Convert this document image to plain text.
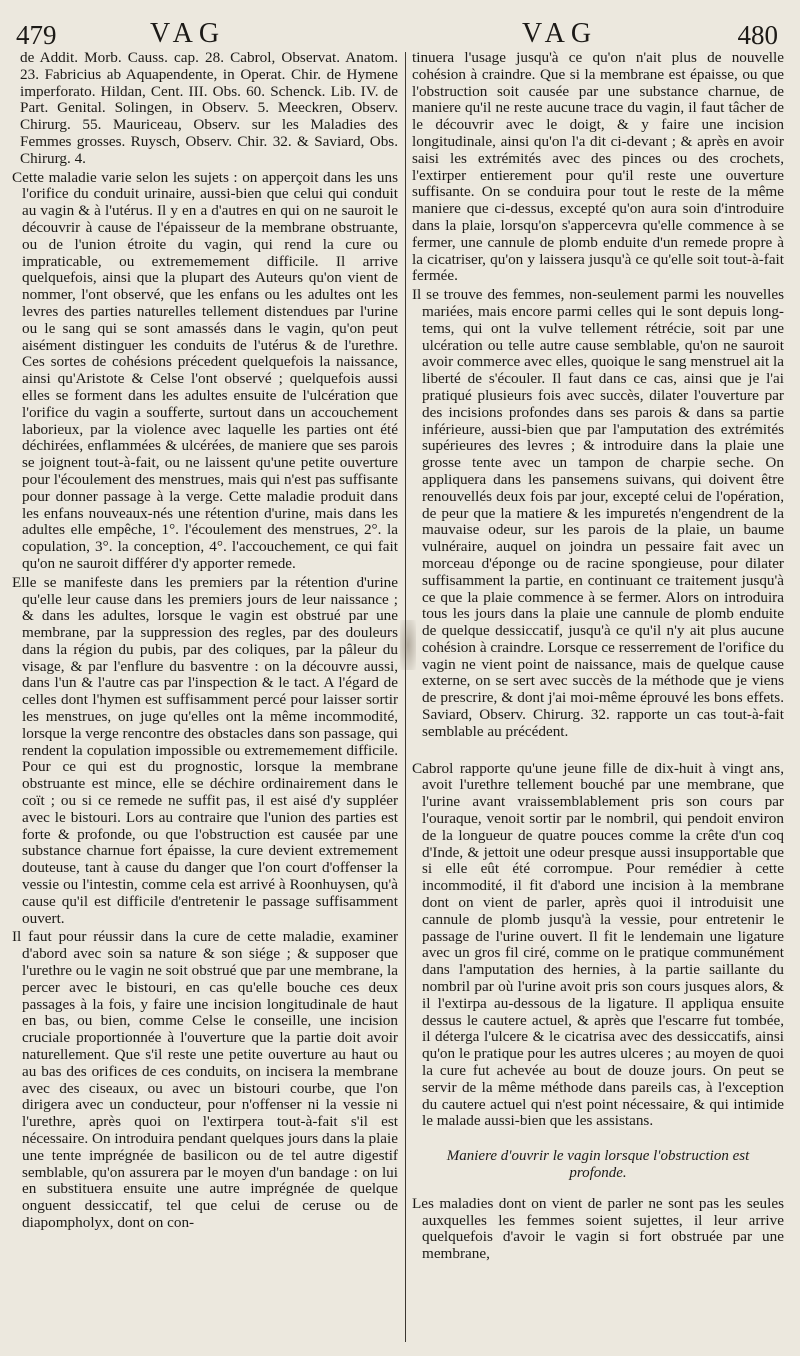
479	VAG	VAG	480

de Addit. Morb. Causs. cap. 28. Cabrol, Observat. Anatom. 23. Fabricius ab Aquapendente, in Operat. Chir. de Hymene imperforato. Hildan, Cent. III. Obs. 60. Schenck. Lib. IV. de Part. Genital. Solingen, in Observ. 5. Meeckren, Observ. Chirurg. 55. Mauriceau, Observ. sur les Maladies des Femmes grosses. Ruysch, Observ. Chir. 32. & Saviard, Obs. Chirurg. 4.

Cette maladie varie selon les sujets : on apperçoit dans les uns l'orifice du conduit urinaire, aussi-bien que celui qui conduit au vagin & à l'utérus. Il y en a d'autres en qui on ne sauroit le découvrir à cause de l'épaisseur de la membrane obstruante, ou de l'union étroite du vagin, qui rend la cure ou impraticable, ou extrememement difficile. Il arrive quelquefois, ainsi que la plupart des Auteurs qu'on vient de nommer, l'ont observé, que les enfans ou les adultes ont les levres des parties naturelles tellement distendues par l'urine ou le sang qui se sont amassés dans le vagin, qu'on peut aisément distinguer les conduits de l'utérus & de l'urethre. Ces sortes de cohésions précedent quelquefois la naissance, ainsi qu'Aristote & Celse l'ont observé ; quelquefois aussi elles se forment dans les adultes ensuite de l'ulcération que l'orifice du vagin a soufferte, surtout dans un accouchement laborieux, par la violence avec laquelle les parties ont été déchirées, enflammées & ulcérées, de maniere que ses parois se joignent tout-à-fait, ou ne laissent qu'une petite ouverture pour l'écoulement des menstrues, mais qui n'est pas suffisante pour donner passage à la verge. Cette maladie produit dans les enfans nouveaux-nés une rétention d'urine, mais dans les adultes elle empêche, 1°. l'écoulement des menstrues, 2°. la copulation, 3°. la conception, 4°. l'accouchement, ce qui fait qu'on ne sauroit différer d'y apporter remede.

Elle se manifeste dans les premiers par la rétention d'urine qu'elle leur cause dans les premiers jours de leur naissance ; & dans les adultes, lorsque le vagin est obstrué par une membrane, par la suppression des regles, par des douleurs dans la région du pubis, par des coliques, par la pâleur du visage, & par l'enflure du basventre : on la découvre aussi, dans l'un & l'autre cas par l'inspection & le tact. A l'égard de celles dont l'hymen est suffisamment percé pour laisser sortir les menstrues, on juge qu'elles ont la même incommodité, lorsque la verge rencontre des obstacles dans son passage, qui rendent la copulation impossible ou extrememement difficile. Pour ce qui est du prognostic, lorsque la membrane obstruante est mince, elle se déchire ordinairement dans le coït ; ou si ce remede ne suffit pas, il est aisé d'y suppléer avec le bistouri. Lors au contraire que l'union des parties est forte & profonde, ou que l'obstruction est causée par une substance charnue fort épaisse, la cure devient extremement douteuse, tant à cause du danger que l'on court d'offenser la vessie ou l'intestin, comme cela est arrivé à Roonhuysen, qu'à cause qu'il est difficile d'entretenir le passage suffisamment ouvert.

Il faut pour réussir dans la cure de cette maladie, examiner d'abord avec soin sa nature & son siége ; & supposer que l'urethre ou le vagin ne soit obstrué que par une membrane, la percer avec le bistouri, en cas qu'elle bouche ces deux passages à la fois, y faire une incision longitudinale de haut en bas, ou bien, comme Celse le conseille, une incision cruciale proportionnée à l'ouverture que la partie doit avoir naturellement. Que s'il reste une petite ouverture au haut ou au bas des orifices de ces conduits, on incisera la membrane avec des ciseaux, ou avec un bistouri courbe, que l'on dirigera avec un conducteur, pour n'offenser ni la vessie ni l'urethre, après quoi on l'extirpera tout-à-fait s'il est nécessaire. On introduira pendant quelques jours dans la plaie une tente imprégnée de basilicon ou de tel autre digestif semblable, qu'on assurera par le moyen d'un bandage : on lui en substituera ensuite une autre imprégnée de quelque onguent dessiccatif, tel que celui de ceruse ou de diapompholyx, dont on con-

tinuera l'usage jusqu'à ce qu'on n'ait plus de nouvelle cohésion à craindre. Que si la membrane est épaisse, ou que l'obstruction soit causée par une substance charnue, de maniere qu'il ne reste aucune trace du vagin, il faut tâcher de le découvrir avec le doigt, & y faire une incision longitudinale, ainsi qu'on l'a dit ci-devant ; & après en avoir saisi les extrémités avec des pinces ou des crochets, l'extirper entierement pour qu'il reste une ouverture suffisante. On se conduira pour tout le reste de la même maniere que ci-dessus, excepté qu'on aura soin d'introduire dans la plaie, lorsqu'on s'appercevra qu'elle commence à se fermer, une cannule de plomb enduite d'un remede propre à la cicatriser, qu'on y laissera jusqu'à ce qu'elle soit tout-à-fait fermée.

Il se trouve des femmes, non-seulement parmi les nouvelles mariées, mais encore parmi celles qui le sont depuis long-tems, qui ont la vulve tellement rétrécie, soit par une ulcération ou telle autre cause semblable, qu'on ne sauroit avoir commerce avec elles, quoique le sang menstruel ait la liberté de s'écouler. Il faut dans ce cas, ainsi que je l'ai pratiqué plusieurs fois avec succès, dilater l'ouverture par des incisions profondes dans ses parois & dans sa partie inférieure, aussi-bien que par l'amputation des extrémités supérieures des levres ; & introduire dans la plaie une grosse tente avec un tampon de charpie seche. On appliquera dans les pansemens suivans, qui doivent être renouvellés deux fois par jour, excepté celui de l'opération, de peur que la matiere & les impuretés n'engendrent de la mauvaise odeur, sur les parois de la plaie, un baume vulnéraire, auquel on joindra un pessaire fait avec un morceau d'éponge ou de racine spongieuse, pour dilater suffisamment la partie, en continuant ce traitement jusqu'à ce que la plaie commence à se fermer. Alors on introduira tous les jours dans la plaie une cannule de plomb enduite de quelque dessiccatif, jusqu'à ce qu'il n'y ait plus aucune cohésion à craindre. Lorsque ce resserrement de l'orifice du vagin ne vient point de naissance, mais de quelque cause externe, on se sert avec succès de la méthode que je viens de prescrire, & dont j'ai moi-même éprouvé les bons effets. Saviard, Observ. Chirurg. 32. rapporte un cas tout-à-fait semblable au précédent.

Cabrol rapporte qu'une jeune fille de dix-huit à vingt ans, avoit l'urethre tellement bouché par une membrane, que l'urine avant vraissemblablement pris son cours par l'ouraque, venoit sortir par le nombril, qui pendoit environ de la longueur de quatre pouces comme la crête d'un coq d'Inde, & jettoit une odeur presque aussi insupportable que si elle eût été corrompue. Pour remédier à cette incommodité, il fit d'abord une incision à la membrane dont on vient de parler, après quoi il introduisit une cannule de plomb jusqu'à la vessie, pour entretenir le passage de l'urine ouvert. Il fit le lendemain une ligature avec un gros fil ciré, comme on le pratique communément dans l'amputation des hernies, à la partie saillante du nombril par où l'urine avoit pris son cours jusques alors, & il l'extirpa au-dessous de la ligature. Il appliqua ensuite dessus le cautere actuel, & après que l'escarre fut tombée, il déterga l'ulcere & le cicatrisa avec des dessiccatifs, ainsi qu'on le pratique pour les autres ulceres ; au moyen de quoi la cure fut achevée au bout de douze jours. On peut se servir de la même méthode dans pareils cas, à l'exception du cautere actuel qui n'est point nécessaire, & qui intimide le malade aussi-bien que les assistans.

Maniere d'ouvrir le vagin lorsque l'obstruction est profonde.

Les maladies dont on vient de parler ne sont pas les seules auxquelles les femmes soient sujettes, il leur arrive quelquefois d'avoir le vagin si fort obstruée par une membrane,
